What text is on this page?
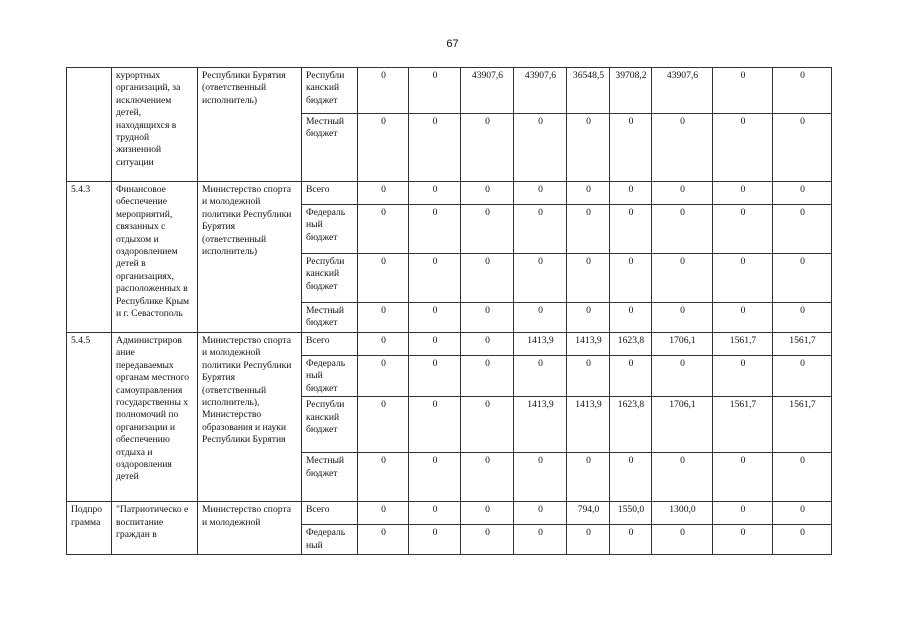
67
	курортных организаций, за исключением детей, находящихся в трудной жизненной ситуации	Республики Бурятия (ответственный исполнитель)	Республи канский бюджет	0	0	43907,6	43907,6	36548,5	39708,2	43907,6	0	0
			Местный бюджет	0	0	0	0	0	0	0	0	0
5.4.3	Финансовое обеспечение мероприятий, связанных с отдыхом и оздоровлением детей в организациях, расположенных в Республике Крым и г. Севастополь	Министерство спорта и молодежной политики Республики Бурятия (ответственный исполнитель)	Всего	0	0	0	0	0	0	0	0	0
			Федераль ный бюджет	0	0	0	0	0	0	0	0	0
			Республи канский бюджет	0	0	0	0	0	0	0	0	0
			Местный бюджет	0	0	0	0	0	0	0	0	0
5.4.5	Администриров ание передаваемых органам местного самоуправления государственны х полномочий по организации и обеспечению отдыха и оздоровления детей	Министерство спорта и молодежной политики Республики Бурятия (ответственный исполнитель), Министерство образования и науки Республики Бурятия	Всего	0	0	0	1413,9	1413,9	1623,8	1706,1	1561,7	1561,7
			Федераль ный бюджет	0	0	0	0	0	0	0	0	0
			Республи канский бюджет	0	0	0	1413,9	1413,9	1623,8	1706,1	1561,7	1561,7
			Местный бюджет	0	0	0	0	0	0	0	0	0
Подпро грамма	"Патриотическо е воспитание граждан в	Министерство спорта и молодежной	Всего	0	0	0	0	794,0	1550,0	1300,0	0	0
			Федераль ный	0	0	0	0	0	0	0	0	0
